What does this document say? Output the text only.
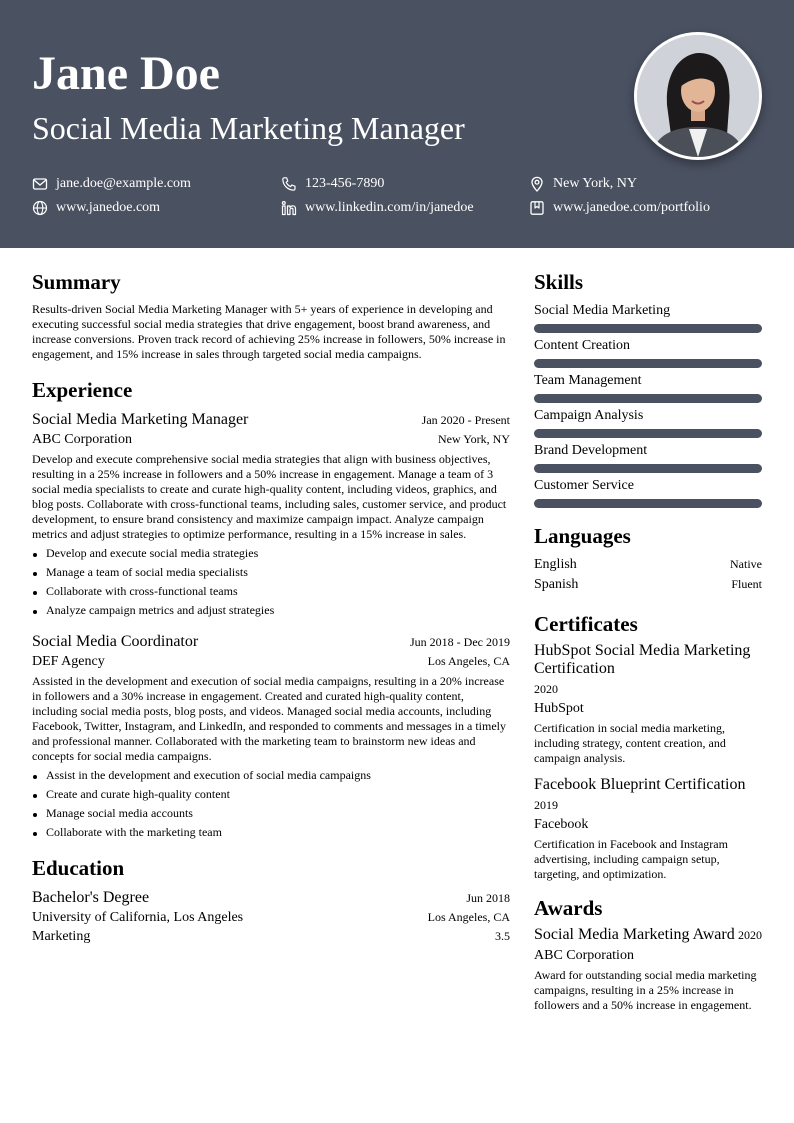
Jane Doe
Social Media Marketing Manager
jane.doe@example.com	123-456-7890	New York, NY
www.janedoe.com	www.linkedin.com/in/janedoe	www.janedoe.com/portfolio
Summary

Results-driven Social Media Marketing Manager with 5+ years of experience in developing and executing successful social media strategies that drive engagement, boost brand awareness, and increase conversions. Proven track record of achieving 25% increase in followers, 50% increase in engagement, and 15% increase in sales through targeted social media campaigns.

Experience
Social Media Marketing Manager	Jan 2020 - Present
ABC Corporation	New York, NY

Develop and execute comprehensive social media strategies that align with business objectives, resulting in a 25% increase in followers and a 50% increase in engagement. Manage a team of 3 social media specialists to create and curate high-quality content, including videos, graphics, and blog posts. Collaborate with cross-functional teams, including sales, customer service, and product development, to ensure brand consistency and maximize campaign impact. Analyze campaign metrics and adjust strategies to optimize performance, resulting in a 15% increase in sales.

Develop and execute social media strategies
Manage a team of social media specialists
Collaborate with cross-functional teams
Analyze campaign metrics and adjust strategies
Social Media Coordinator	Jun 2018 - Dec 2019
DEF Agency	Los Angeles, CA

Assisted in the development and execution of social media campaigns, resulting in a 20% increase in followers and a 30% increase in engagement. Created and curated high-quality content, including social media posts, blog posts, and videos. Managed social media accounts, including Facebook, Twitter, Instagram, and LinkedIn, and responded to comments and messages in a timely and professional manner. Collaborated with the marketing team to brainstorm new ideas and concepts for social media campaigns.

Assist in the development and execution of social media campaigns
Create and curate high-quality content
Manage social media accounts
Collaborate with the marketing team
Education
Bachelor's Degree	Jun 2018
University of California, Los Angeles	Los Angeles, CA
Marketing	3.5
Skills
Social Media Marketing
Content Creation
Team Management
Campaign Analysis
Brand Development
Customer Service
Languages
English	Native
Spanish	Fluent
Certificates
HubSpot Social Media Marketing Certification
2020
HubSpot

Certification in social media marketing, including strategy, content creation, and campaign analysis.

Facebook Blueprint Certification
2019
Facebook

Certification in Facebook and Instagram advertising, including campaign setup, targeting, and optimization.

Awards
Social Media Marketing Award 2020
ABC Corporation

Award for outstanding social media marketing campaigns, resulting in a 25% increase in followers and a 50% increase in engagement.
